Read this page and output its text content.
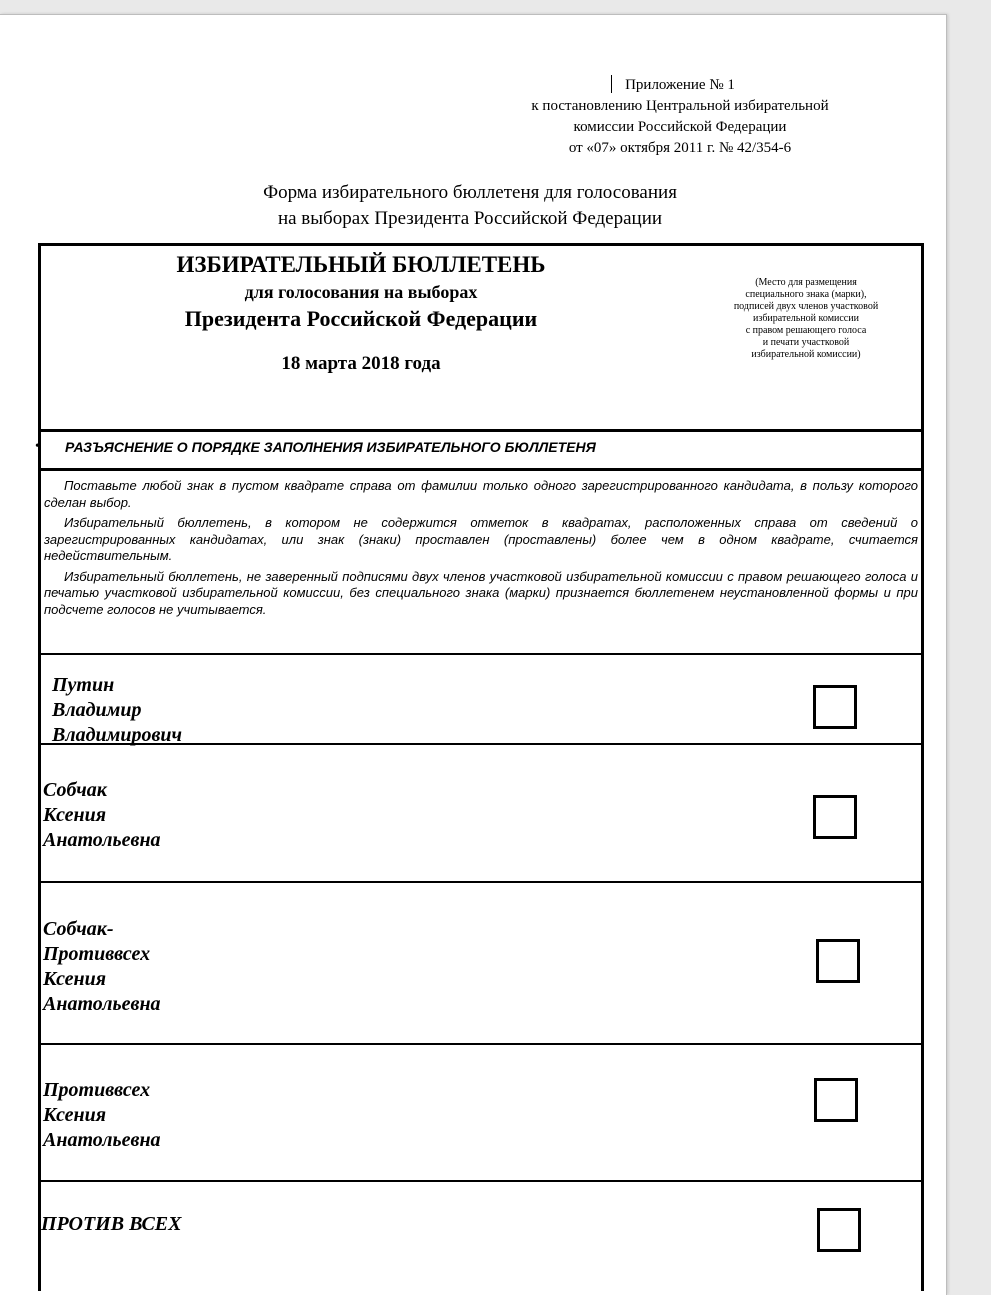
Приложение № 1
к постановлению Центральной избирательной
комиссии Российской Федерации
от «07» октября 2011 г. № 42/354-6
Форма избирательного бюллетеня для голосования
на выборах Президента Российской Федерации
ИЗБИРАТЕЛЬНЫЙ БЮЛЛЕТЕНЬ
для голосования на выборах
Президента Российской Федерации
18 марта 2018 года
(Место для размещения
специального знака (марки),
подписей двух членов участковой
избирательной комиссии
с правом решающего голоса
и печати участковой
избирательной комиссии)
• РАЗЪЯСНЕНИЕ О ПОРЯДКЕ ЗАПОЛНЕНИЯ ИЗБИРАТЕЛЬНОГО БЮЛЛЕТЕНЯ

Поставьте любой знак в пустом квадрате справа от фамилии только одного зарегистрированного кандидата, в пользу которого сделан выбор.

Избирательный бюллетень, в котором не содержится отметок в квадратах, расположенных справа от сведений о зарегистрированных кандидатах, или знак (знаки) проставлен (проставлены) более чем в одном квадрате, считается недействительным.

Избирательный бюллетень, не заверенный подписями двух членов участковой избирательной комиссии с правом решающего голоса и печатью участковой избирательной комиссии, без специального знака (марки) признается бюллетенем неустановленной формы и при подсчете голосов не учитывается.

Путин
Владимир
Владимирович
Собчак
Ксения
Анатольевна
Собчак-
Противвсех
Ксения
Анатольевна
Противвсех
Ксения
Анатольевна
ПРОТИВ ВСЕХ
